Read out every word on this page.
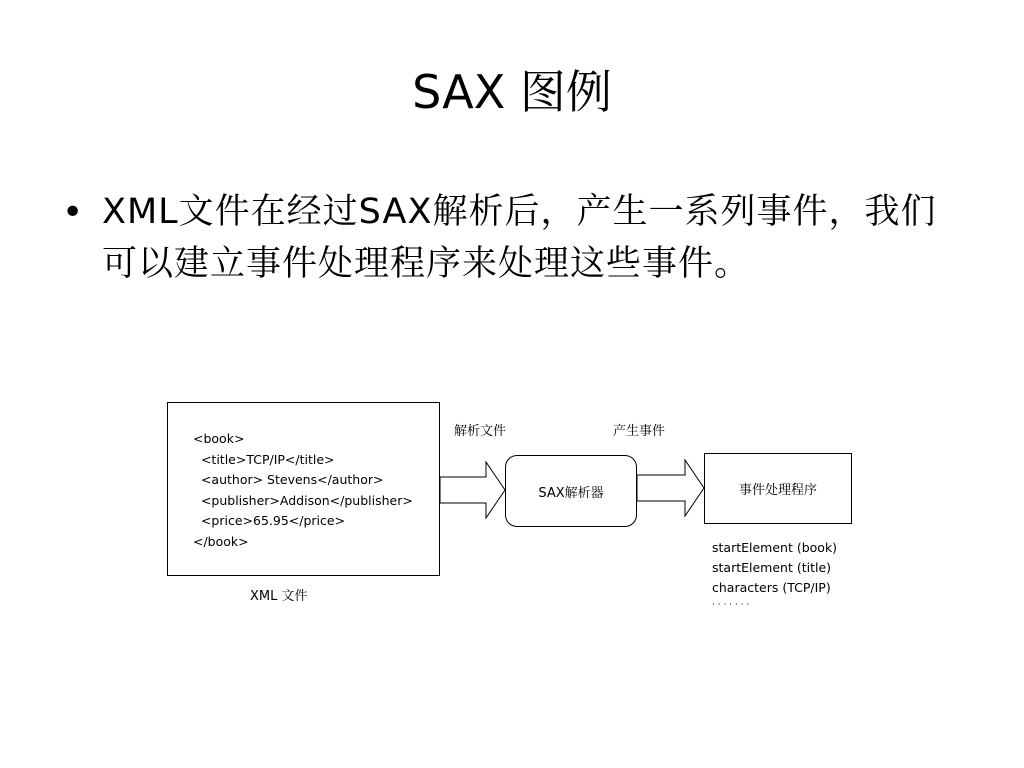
SAX 图例
• XML文件在经过SAX解析后，产生一系列事件，我们可以建立事件处理程序来处理这些事件。
<book>
<title>TCP/IP</title>
<author> Stevens</author>
<publisher>Addison</publisher>
<price>65.95</price>
</book>
XML 文件
解析文件
SAX解析器
产生事件
事件处理程序
startElement (book)
startElement (title)
characters (TCP/IP)
· · · · · · ·
